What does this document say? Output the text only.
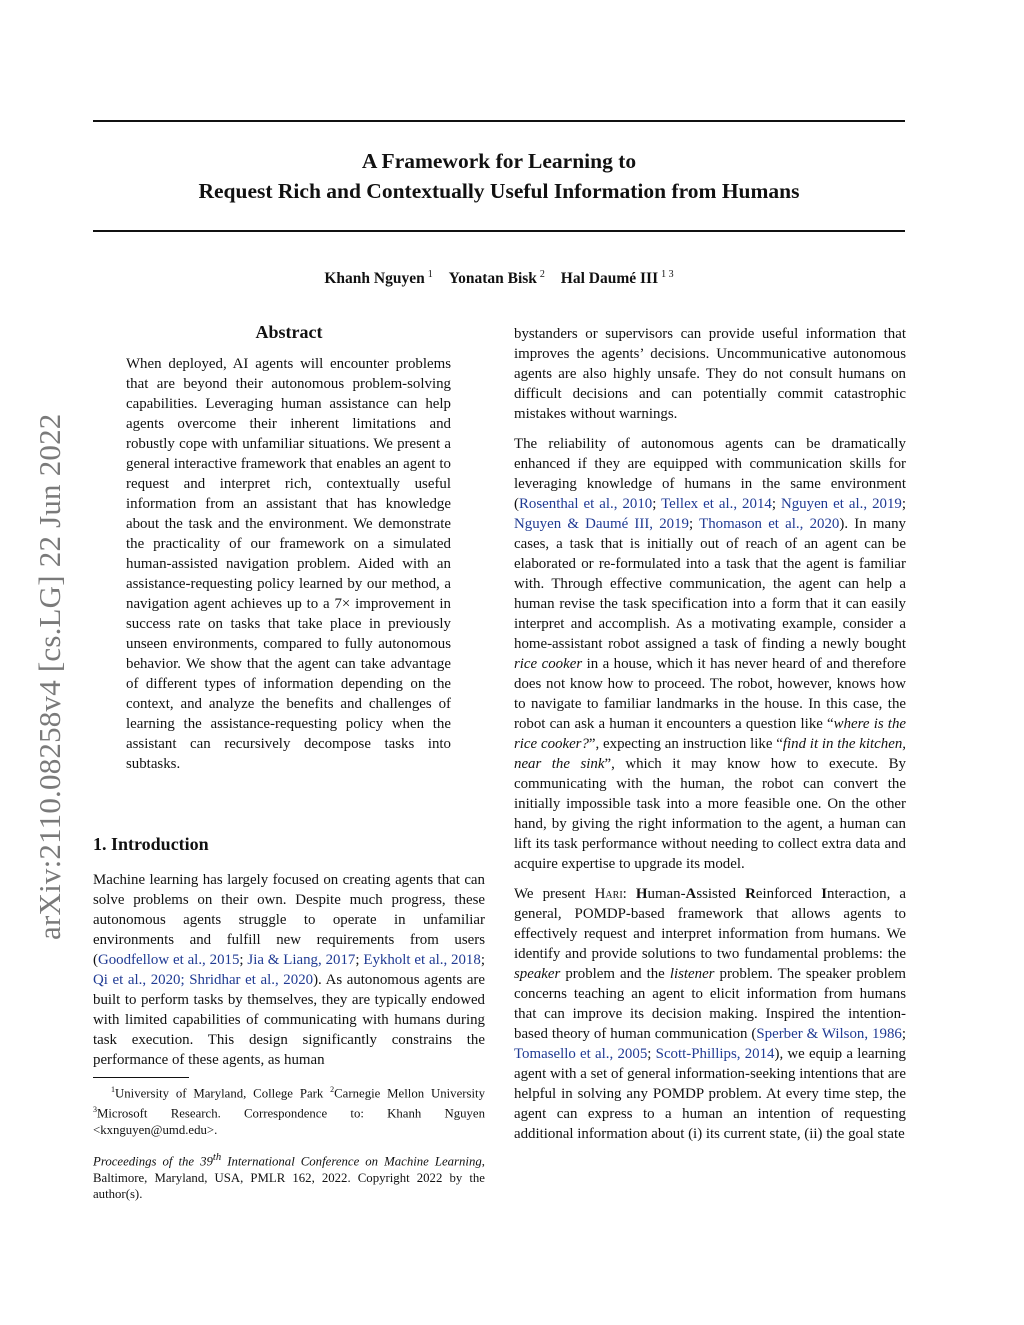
A Framework for Learning to
Request Rich and Contextually Useful Information from Humans
Khanh Nguyen $^1$ Yonatan Bisk $^2$ Hal Daumé III $^{1 3}$
arXiv:2110.08258v4 [cs.LG] 22 Jun 2022
Abstract
When deployed, AI agents will encounter problems that are beyond their autonomous problem-solving capabilities. Leveraging human assistance can help agents overcome their inherent limitations and robustly cope with unfamiliar situations. We present a general interactive framework that enables an agent to request and interpret rich, contextually useful information from an assistant that has knowledge about the task and the environment. We demonstrate the practicality of our framework on a simulated human-assisted navigation problem. Aided with an assistance-requesting policy learned by our method, a navigation agent achieves up to a 7× improvement in success rate on tasks that take place in previously unseen environments, compared to fully autonomous behavior. We show that the agent can take advantage of different types of information depending on the context, and analyze the benefits and challenges of learning the assistance-requesting policy when the assistant can recursively decompose tasks into subtasks.
1. Introduction
Machine learning has largely focused on creating agents that can solve problems on their own. Despite much progress, these autonomous agents struggle to operate in unfamiliar environments and fulfill new requirements from users (Goodfellow et al., 2015; Jia & Liang, 2017; Eykholt et al., 2018; Qi et al., 2020; Shridhar et al., 2020). As autonomous agents are built to perform tasks by themselves, they are typically endowed with limited capabilities of communicating with humans during task execution. This design significantly constrains the performance of these agents, as human
$^1$University of Maryland, College Park $^2$Carnegie Mellon University $^3$Microsoft Research. Correspondence to: Khanh Nguyen <kxnguyen@umd.edu>.
Proceedings of the 39th International Conference on Machine Learning, Baltimore, Maryland, USA, PMLR 162, 2022. Copyright 2022 by the author(s).

bystanders or supervisors can provide useful information that improves the agents’ decisions. Uncommunicative autonomous agents are also highly unsafe. They do not consult humans on difficult decisions and can potentially commit catastrophic mistakes without warnings.

The reliability of autonomous agents can be dramatically enhanced if they are equipped with communication skills for leveraging knowledge of humans in the same environment (Rosenthal et al., 2010; Tellex et al., 2014; Nguyen et al., 2019; Nguyen & Daumé III, 2019; Thomason et al., 2020). In many cases, a task that is initially out of reach of an agent can be elaborated or re-formulated into a task that the agent is familiar with. Through effective communication, the agent can help a human revise the task specification into a form that it can easily interpret and accomplish. As a motivating example, consider a home-assistant robot assigned a task of finding a newly bought rice cooker in a house, which it has never heard of and therefore does not know how to proceed. The robot, however, knows how to navigate to familiar landmarks in the house. In this case, the robot can ask a human it encounters a question like “where is the rice cooker?”, expecting an instruction like “find it in the kitchen, near the sink”, which it may know how to execute. By communicating with the human, the robot can convert the initially impossible task into a more feasible one. On the other hand, by giving the right information to the agent, a human can lift its task performance without needing to collect extra data and acquire expertise to upgrade its model.

We present Hari: Human-Assisted Reinforced Interaction, a general, POMDP-based framework that allows agents to effectively request and interpret information from humans. We identify and provide solutions to two fundamental problems: the speaker problem and the listener problem. The speaker problem concerns teaching an agent to elicit information from humans that can improve its decision making. Inspired the intention-based theory of human communication (Sperber & Wilson, 1986; Tomasello et al., 2005; Scott-Phillips, 2014), we equip a learning agent with a set of general information-seeking intentions that are helpful in solving any POMDP problem. At every time step, the agent can express to a human an intention of requesting additional information about (i) its current state, (ii) the goal state
